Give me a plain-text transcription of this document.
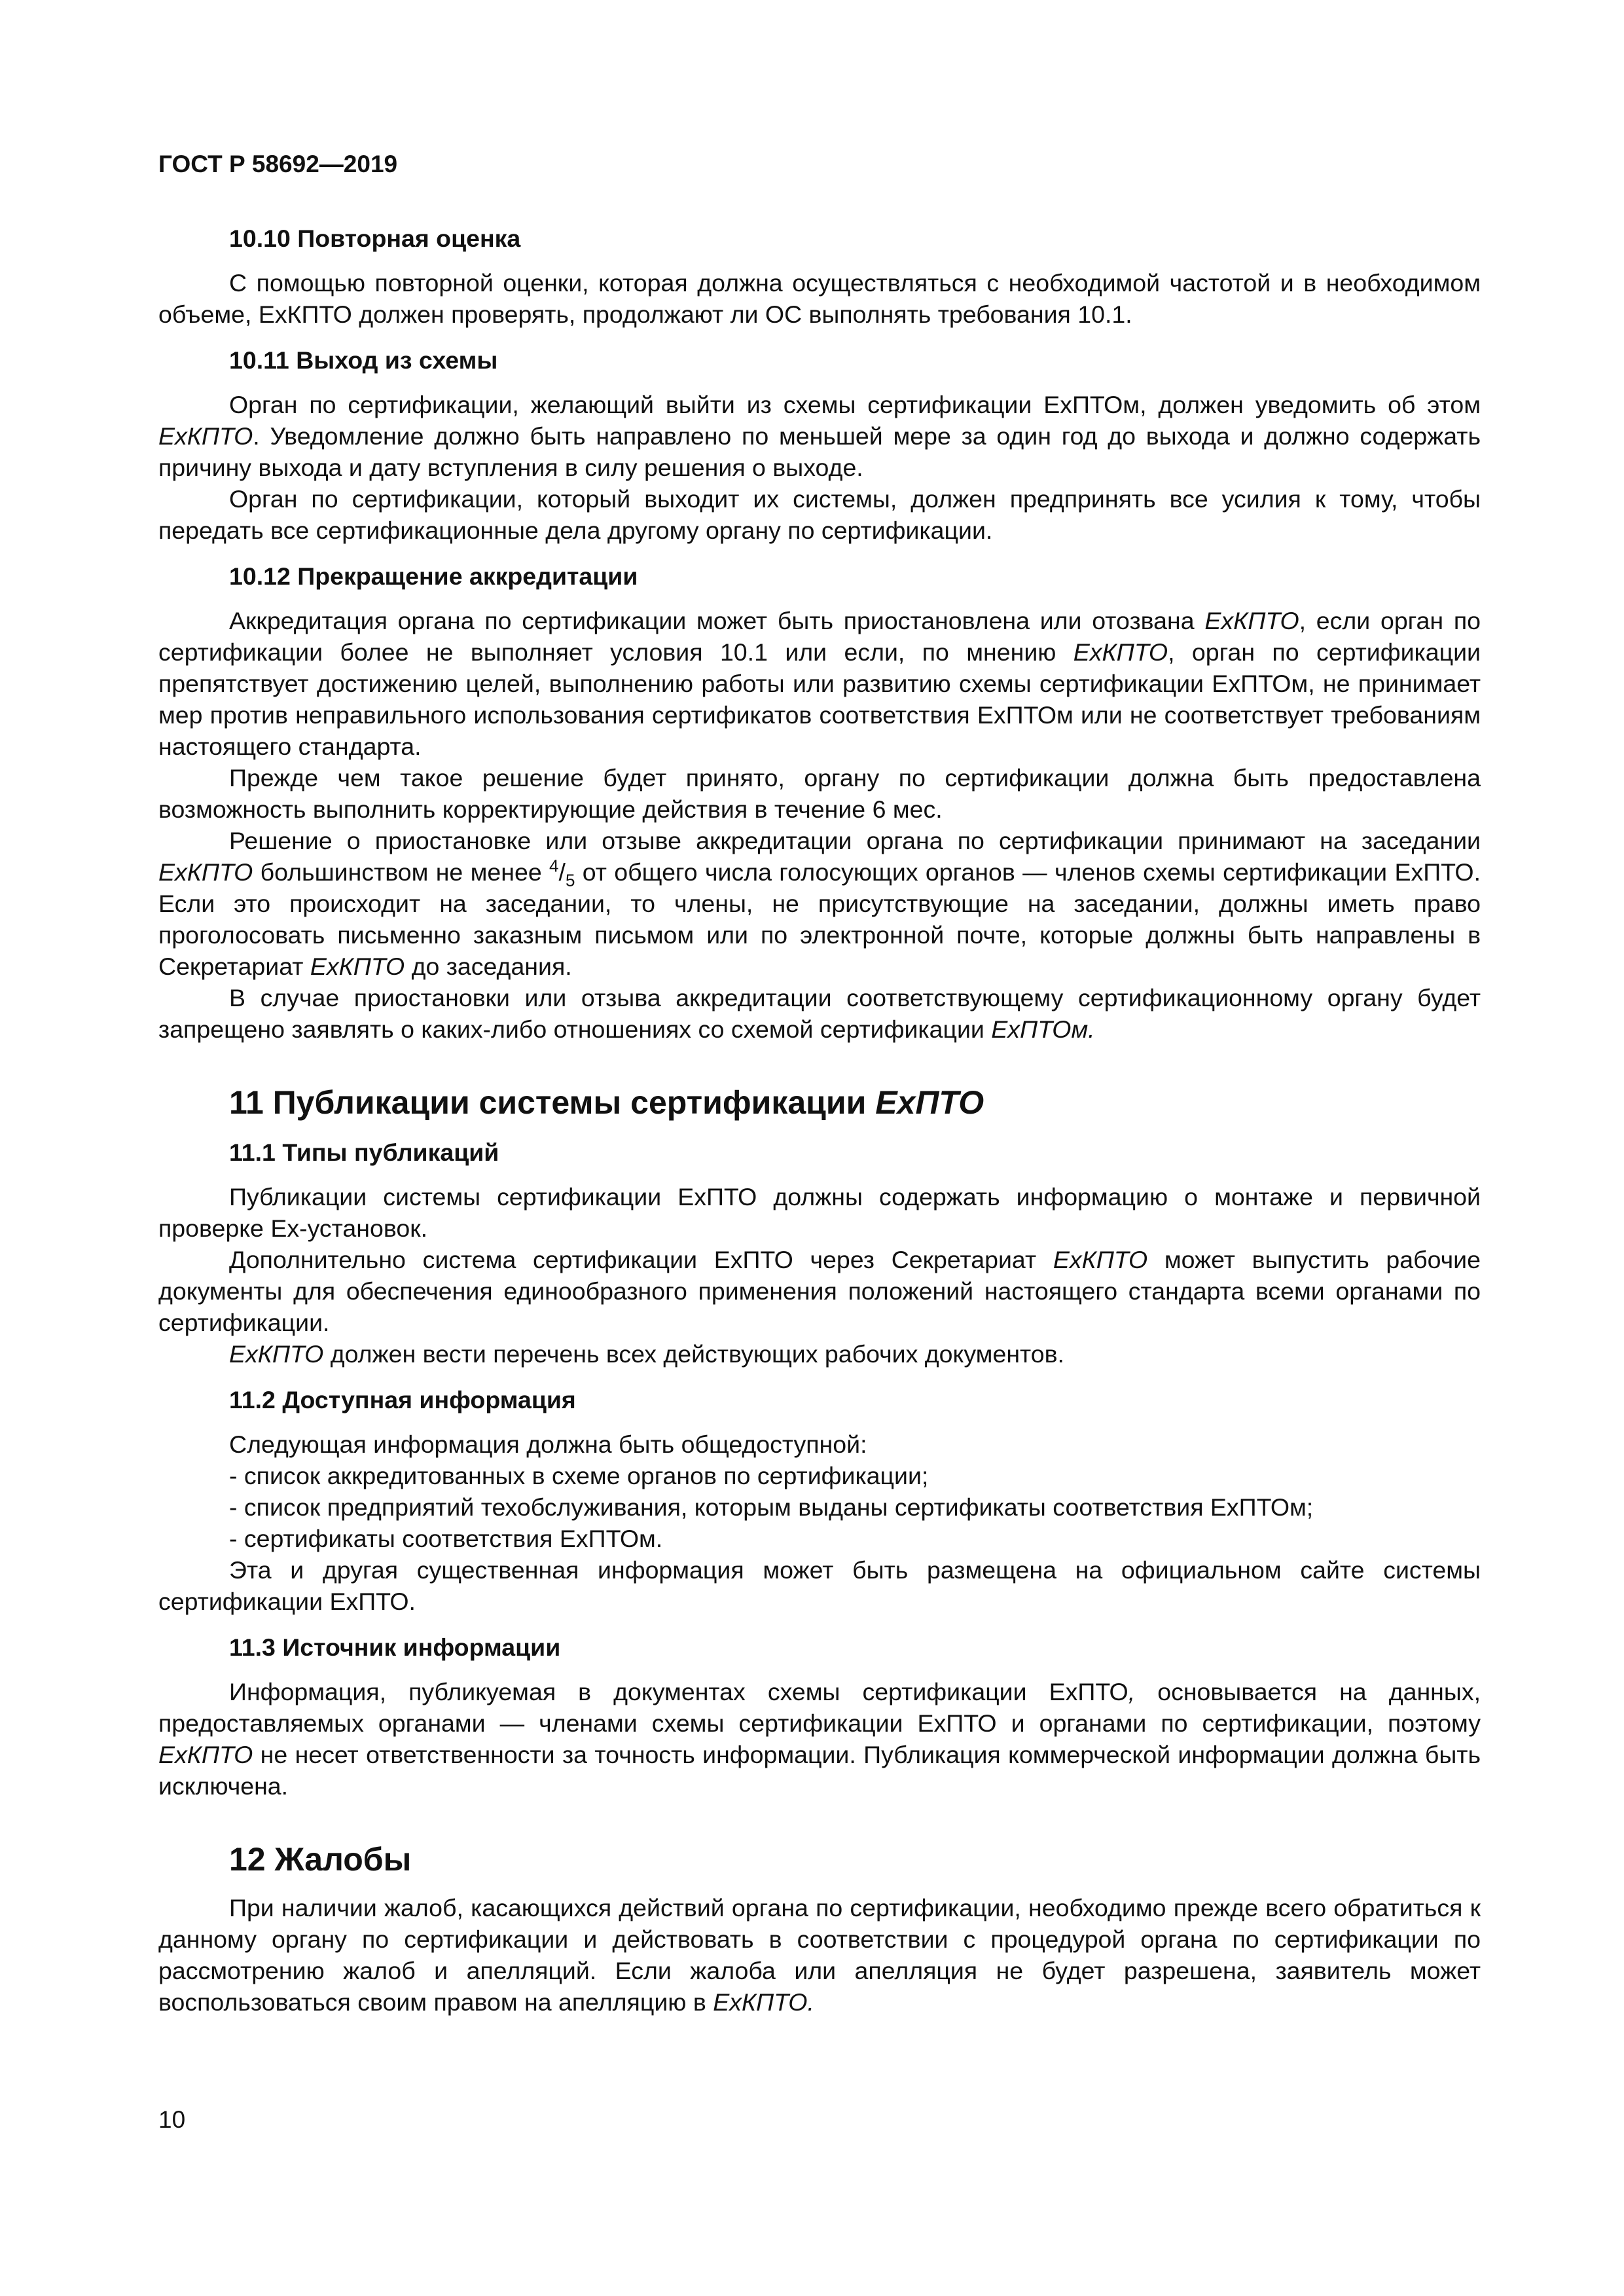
ГОСТ Р 58692—2019

10.10 Повторная оценка

С помощью повторной оценки, которая должна осуществляться с необходимой частотой и в необходимом объеме, ЕхКПТО должен проверять, продолжают ли ОС выполнять требования 10.1.

10.11 Выход из схемы

Орган по сертификации, желающий выйти из схемы сертификации ЕхПТОм, должен уведомить об этом ЕхКПТО. Уведомление должно быть направлено по меньшей мере за один год до выхода и должно содержать причину выхода и дату вступления в силу решения о выходе.

Орган по сертификации, который выходит их системы, должен предпринять все усилия к тому, чтобы передать все сертификационные дела другому органу по сертификации.

10.12 Прекращение аккредитации

Аккредитация органа по сертификации может быть приостановлена или отозвана ЕхКПТО, если орган по сертификации более не выполняет условия 10.1 или если, по мнению ЕхКПТО, орган по сертификации препятствует достижению целей, выполнению работы или развитию схемы сертификации ЕхПТОм, не принимает мер против неправильного использования сертификатов соответствия ЕхПТОм или не соответствует требованиям настоящего стандарта.

Прежде чем такое решение будет принято, органу по сертификации должна быть предоставлена возможность выполнить корректирующие действия в течение 6 мес.

Решение о приостановке или отзыве аккредитации органа по сертификации принимают на заседании ЕхКПТО большинством не менее $^4/_5$ от общего числа голосующих органов — членов схемы сертификации ЕхПТО. Если это происходит на заседании, то члены, не присутствующие на заседании, должны иметь право проголосовать письменно заказным письмом или по электронной почте, которые должны быть направлены в Секретариат ЕхКПТО до заседания.

В случае приостановки или отзыва аккредитации соответствующему сертификационному органу будет запрещено заявлять о каких-либо отношениях со схемой сертификации ЕхПТОм.

11 Публикации системы сертификации ЕхПТО
11.1 Типы публикаций

Публикации системы сертификации ЕхПТО должны содержать информацию о монтаже и первичной проверке Ех-установок.

Дополнительно система сертификации ЕхПТО через Секретариат ЕхКПТО может выпустить рабочие документы для обеспечения единообразного применения положений настоящего стандарта всеми органами по сертификации.

ЕхКПТО должен вести перечень всех действующих рабочих документов.

11.2 Доступная информация

Следующая информация должна быть общедоступной:

- список аккредитованных в схеме органов по сертификации;

- список предприятий техобслуживания, которым выданы сертификаты соответствия ЕхПТОм;

- сертификаты соответствия ЕхПТОм.

Эта и другая существенная информация может быть размещена на официальном сайте системы сертификации ЕхПТО.

11.3 Источник информации

Информация, публикуемая в документах схемы сертификации ЕхПТО, основывается на данных, предоставляемых органами — членами схемы сертификации ЕхПТО и органами по сертификации, поэтому ЕхКПТО не несет ответственности за точность информации. Публикация коммерческой информации должна быть исключена.

12 Жалобы

При наличии жалоб, касающихся действий органа по сертификации, необходимо прежде всего обратиться к данному органу по сертификации и действовать в соответствии с процедурой органа по сертификации по рассмотрению жалоб и апелляций. Если жалоба или апелляция не будет разрешена, заявитель может воспользоваться своим правом на апелляцию в ЕхКПТО.

10
